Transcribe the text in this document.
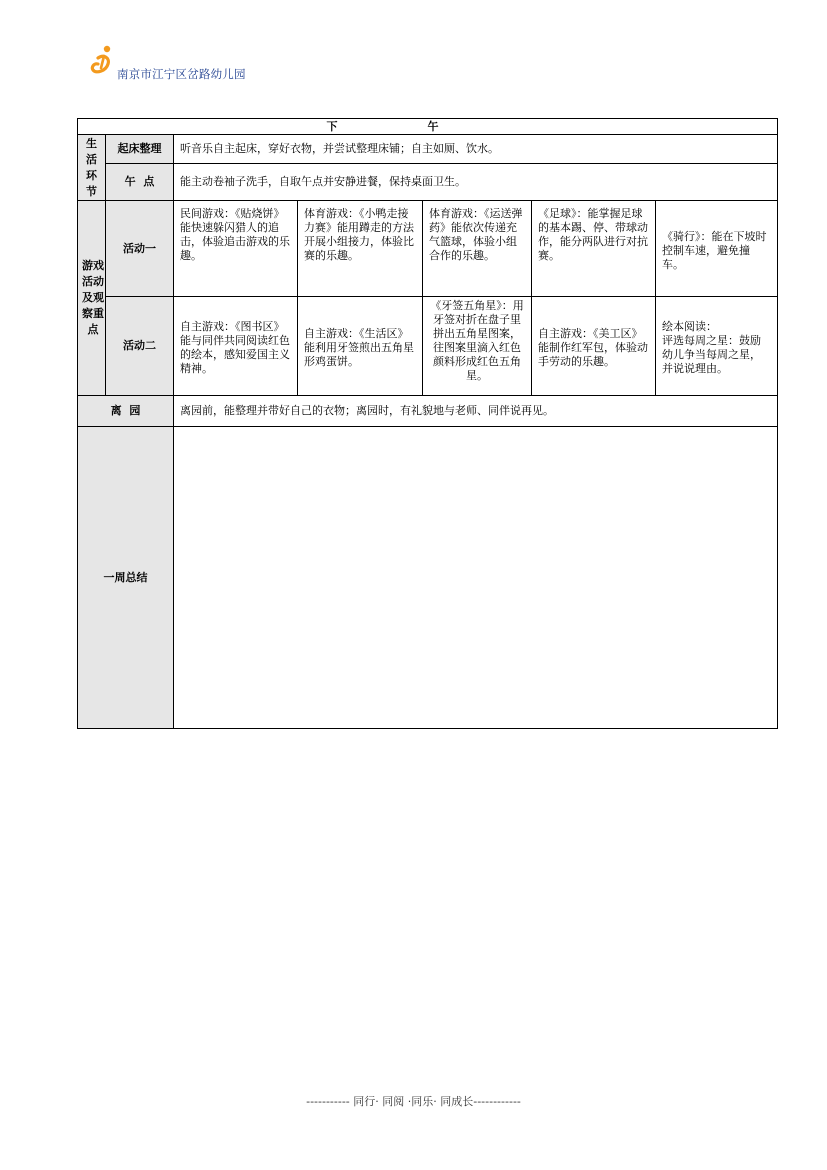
南京市江宁区岔路幼儿园
下午						

生活环节	起床整理	听音乐自主起床，穿好衣物，并尝试整理床铺；自主如厕、饮水。				
	午  点	能主动卷袖子洗手，自取午点并安静进餐，保持桌面卫生。				

游戏活动及观察重点	活动一	民间游戏：《贴烧饼》能快速躲闪猎人的追击，体验追击游戏的乐趣。	体育游戏：《小鸭走接力赛》能用蹲走的方法开展小组接力，体验比赛的乐趣。	体育游戏：《运送弹药》能依次传递充气篮球，体验小组合作的乐趣。	《足球》：能掌握足球的基本踢、停、带球动作，能分两队进行对抗赛。	《骑行》：能在下坡时控制车速，避免撞车。
	活动二	自主游戏：《图书区》能与同伴共同阅读红色的绘本，感知爱国主义精神。	自主游戏：《生活区》能利用牙签煎出五角星形鸡蛋饼。	《牙签五角星》：用牙签对折在盘子里拼出五角星图案，往图案里滴入红色颜料形成红色五角星。	自主游戏：《美工区》能制作红军包，体验动手劳动的乐趣。	绘本阅读：
评选每周之星：鼓励幼儿争当每周之星，并说说理由。
离  园		离园前，能整理并带好自己的衣物；离园时，有礼貌地与老师、同伴说再见。				
一周总结						
----------- 同行· 同阅 ·同乐· 同成长------------
